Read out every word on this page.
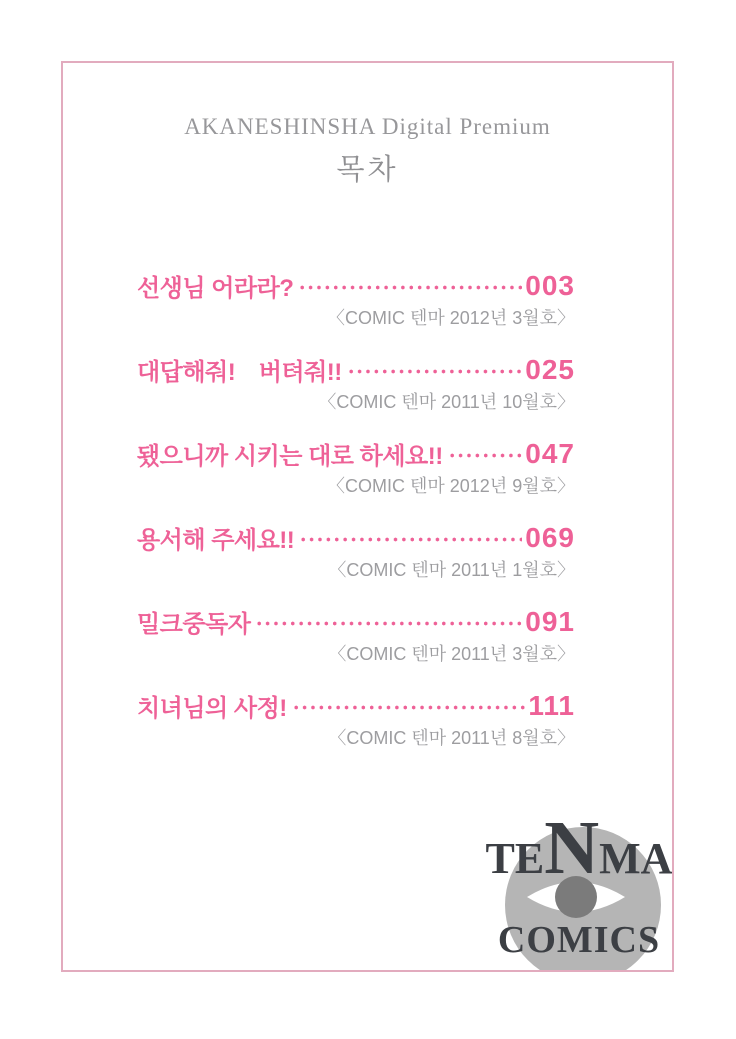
AKANESHINSHA Digital Premium
목차
선생님 어라라?	003
〈COMIC 텐마 2012년 3월호〉
대답해줘!　버텨줘!!	025
〈COMIC 텐마 2011년 10월호〉
됐으니까 시키는 대로 하세요!!	047
〈COMIC 텐마 2012년 9월호〉
용서해 주세요!!	069
〈COMIC 텐마 2011년 1월호〉
밀크중독자	091
〈COMIC 텐마 2011년 3월호〉
치녀님의 사정!	111
〈COMIC 텐마 2011년 8월호〉
TENMA
COMICS
